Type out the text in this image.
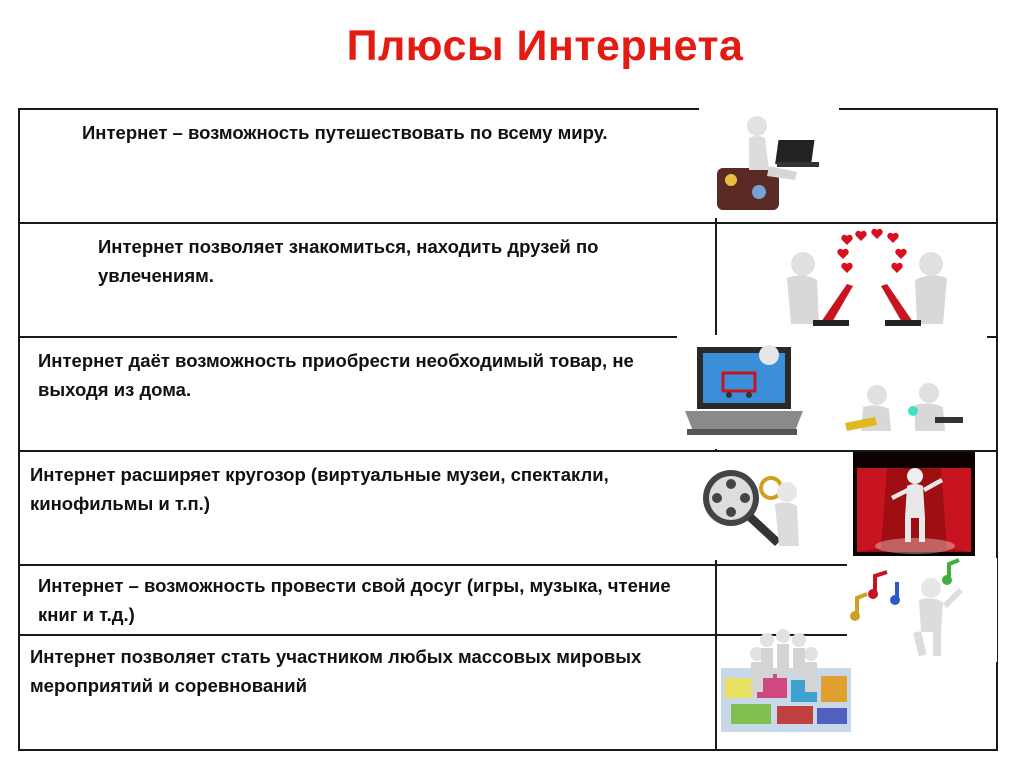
Плюсы Интернета
Интернет – возможность путешествовать по всему миру.

Интернет позволяет знакомиться, находить друзей по увлечениям.

Интернет даёт возможность приобрести необходимый товар, не выходя из дома.

Интернет расширяет кругозор (виртуальные музеи, спектакли, кинофильмы и т.п.)

Интернет – возможность провести свой досуг (игры, музыка, чтение книг и т.д.)

Интернет позволяет стать участником любых массовых мировых мероприятий и соревнований
